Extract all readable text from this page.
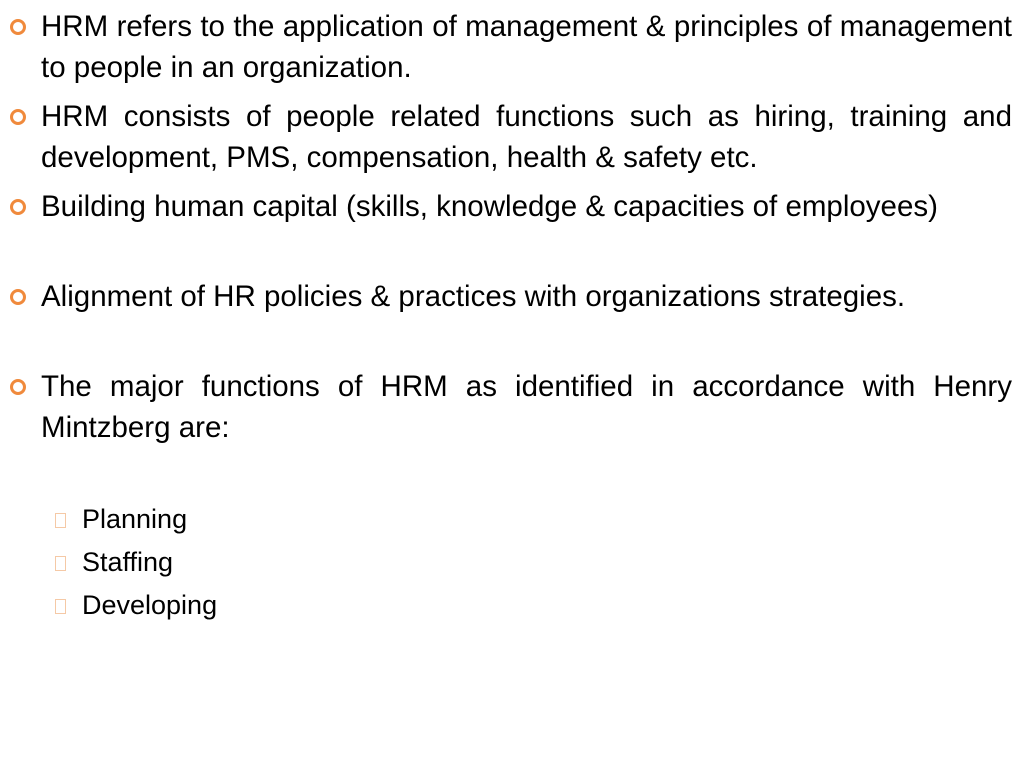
HRM refers to the application of management & principles of management to people in an organization.
HRM consists of people related functions such as hiring, training and development, PMS, compensation, health & safety etc.
Building human capital (skills, knowledge & capacities of employees)
Alignment of HR policies & practices with organizations strategies.
The major functions of HRM as identified in accordance with Henry Mintzberg are:
Planning
Staffing
Developing
